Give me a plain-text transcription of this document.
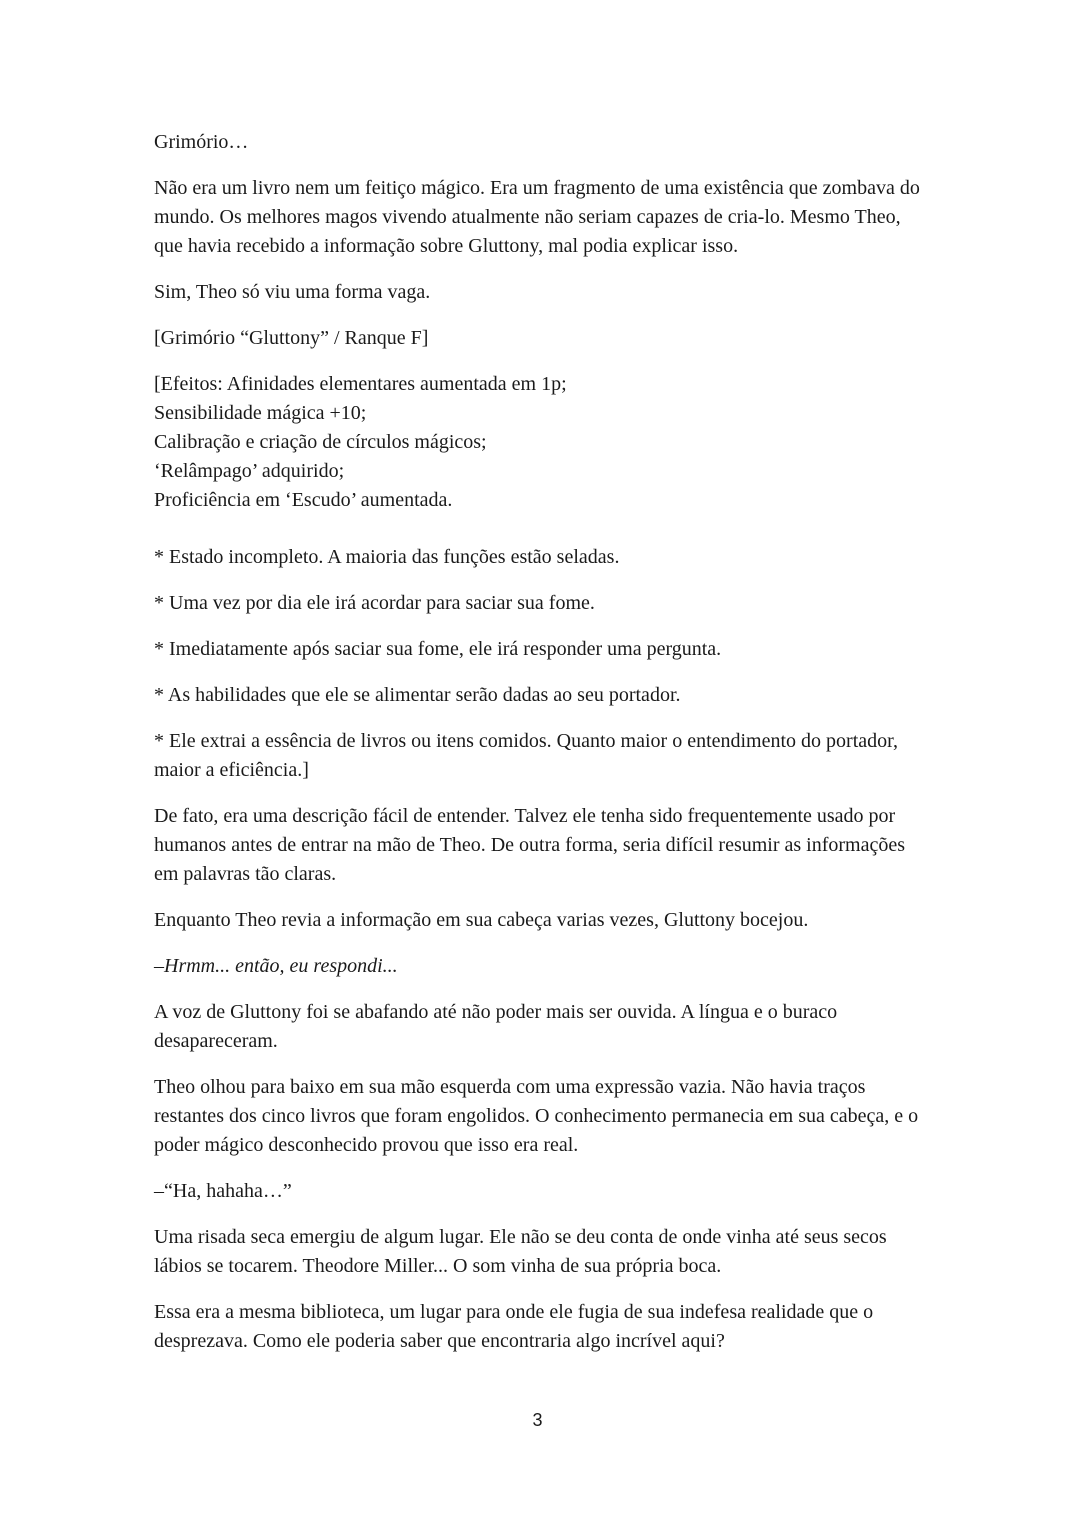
Grimório…

Não era um livro nem um feitiço mágico. Era um fragmento de uma existência que zombava do mundo. Os melhores magos vivendo atualmente não seriam capazes de cria-lo. Mesmo Theo, que havia recebido a informação sobre Gluttony, mal podia explicar isso.

Sim, Theo só viu uma forma vaga.

[Grimório “Gluttony” / Ranque F]

[Efeitos: Afinidades elementares aumentada em 1p;
Sensibilidade mágica +10;
Calibração e criação de círculos mágicos;
‘Relâmpago’ adquirido;
Proficiência em ‘Escudo’ aumentada.

* Estado incompleto. A maioria das funções estão seladas.

* Uma vez por dia ele irá acordar para saciar sua fome.

* Imediatamente após saciar sua fome, ele irá responder uma pergunta.

* As habilidades que ele se alimentar serão dadas ao seu portador.

* Ele extrai a essência de livros ou itens comidos. Quanto maior o entendimento do portador, maior a eficiência.]

De fato, era uma descrição fácil de entender. Talvez ele tenha sido frequentemente usado por humanos antes de entrar na mão de Theo. De outra forma, seria difícil resumir as informações em palavras tão claras.

Enquanto Theo revia a informação em sua cabeça varias vezes, Gluttony bocejou.

–Hrmm... então, eu respondi...

A voz de Gluttony foi se abafando até não poder mais ser ouvida. A língua e o buraco desapareceram.

Theo olhou para baixo em sua mão esquerda com uma expressão vazia. Não havia traços restantes dos cinco livros que foram engolidos. O conhecimento permanecia em sua cabeça, e o poder mágico desconhecido provou que isso era real.

–“Ha, hahaha…”

Uma risada seca emergiu de algum lugar. Ele não se deu conta de onde vinha até seus secos lábios se tocarem. Theodore Miller... O som vinha de sua própria boca.

Essa era a mesma biblioteca, um lugar para onde ele fugia de sua indefesa realidade que o desprezava. Como ele poderia saber que encontraria algo incrível aqui?

3
